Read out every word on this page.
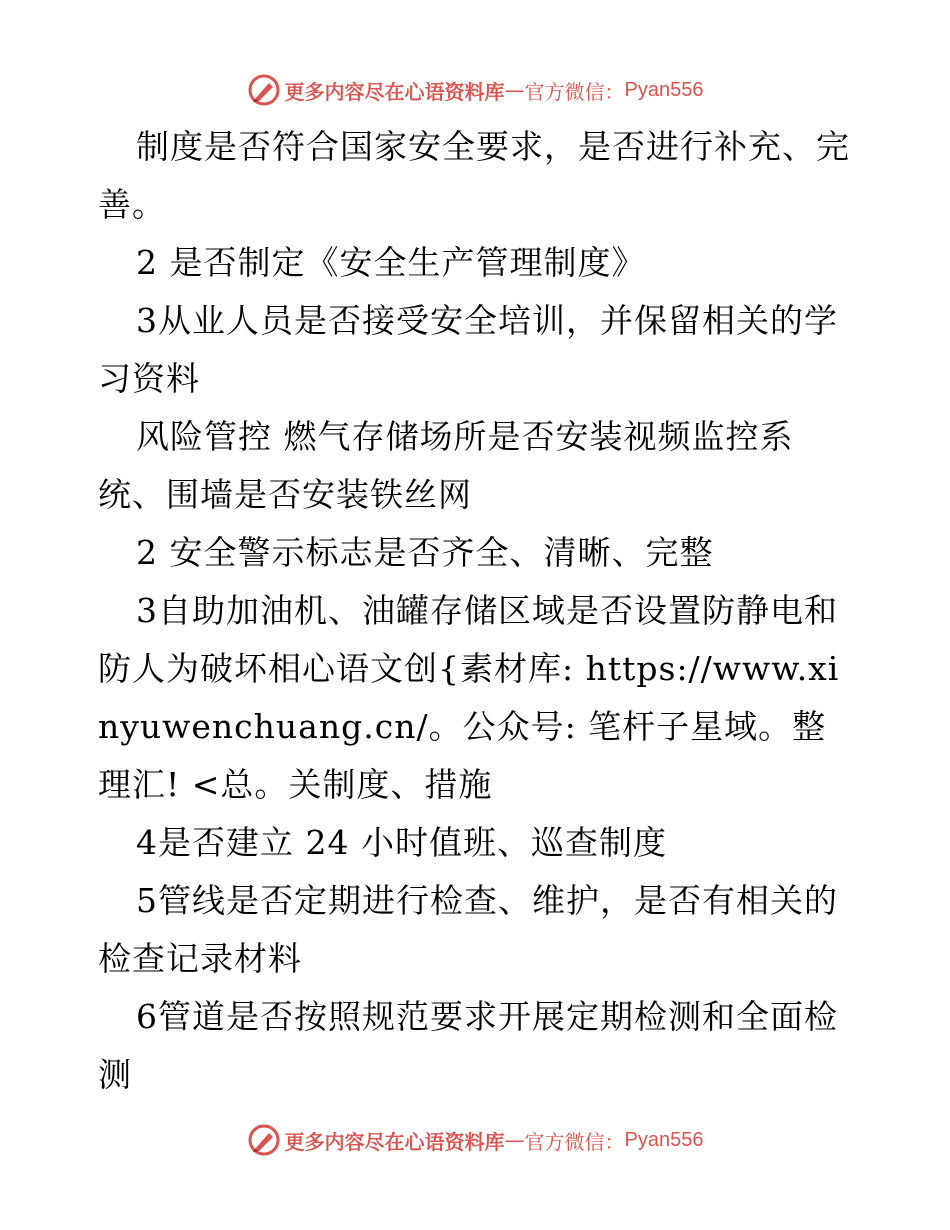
更多内容尽在心语资料库 — 官方微信： Pyan556

制度是否符合国家安全要求，是否进行补充、完善。

2 是否制定《安全生产管理制度》

3从业人员是否接受安全培训，并保留相关的学习资料

风险管控 燃气存储场所是否安装视频监控系统、围墙是否安装铁丝网

2 安全警示标志是否齐全、清晰、完整

3自助加油机、油罐存储区域是否设置防静电和防人为破坏相心语文创{素材库: https://www.xinyuwenchuang.cn/。公众号: 笔杆子星域。整理汇! <总。关制度、措施

4是否建立 24 小时值班、巡查制度

5管线是否定期进行检查、维护，是否有相关的检查记录材料

6管道是否按照规范要求开展定期检测和全面检测

更多内容尽在心语资料库 — 官方微信： Pyan556
